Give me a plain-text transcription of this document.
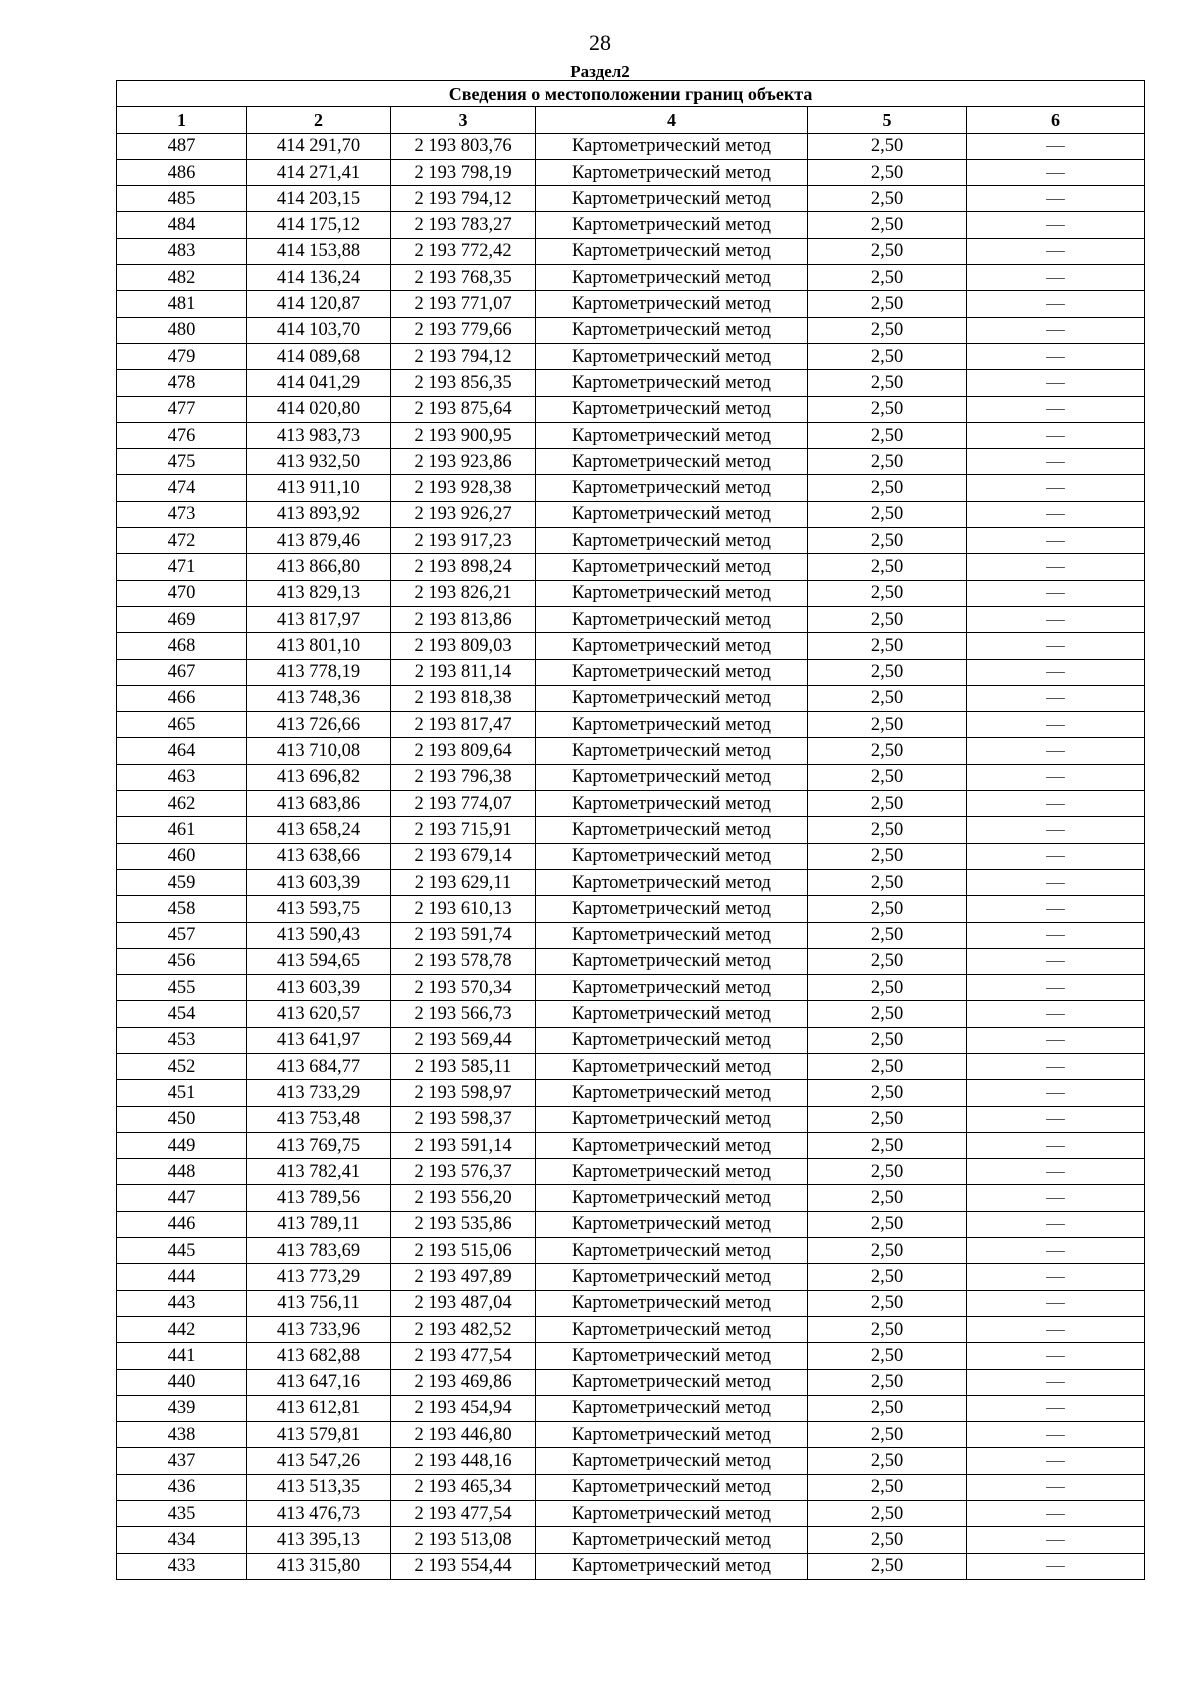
28
Раздел2
Сведения о местоположении границ объекта					
1	2	3	4	5	6
487	414 291,70	2 193 803,76	Картометрический метод	2,50	—
486	414 271,41	2 193 798,19	Картометрический метод	2,50	—
485	414 203,15	2 193 794,12	Картометрический метод	2,50	—
484	414 175,12	2 193 783,27	Картометрический метод	2,50	—
483	414 153,88	2 193 772,42	Картометрический метод	2,50	—
482	414 136,24	2 193 768,35	Картометрический метод	2,50	—
481	414 120,87	2 193 771,07	Картометрический метод	2,50	—
480	414 103,70	2 193 779,66	Картометрический метод	2,50	—
479	414 089,68	2 193 794,12	Картометрический метод	2,50	—
478	414 041,29	2 193 856,35	Картометрический метод	2,50	—
477	414 020,80	2 193 875,64	Картометрический метод	2,50	—
476	413 983,73	2 193 900,95	Картометрический метод	2,50	—
475	413 932,50	2 193 923,86	Картометрический метод	2,50	—
474	413 911,10	2 193 928,38	Картометрический метод	2,50	—
473	413 893,92	2 193 926,27	Картометрический метод	2,50	—
472	413 879,46	2 193 917,23	Картометрический метод	2,50	—
471	413 866,80	2 193 898,24	Картометрический метод	2,50	—
470	413 829,13	2 193 826,21	Картометрический метод	2,50	—
469	413 817,97	2 193 813,86	Картометрический метод	2,50	—
468	413 801,10	2 193 809,03	Картометрический метод	2,50	—
467	413 778,19	2 193 811,14	Картометрический метод	2,50	—
466	413 748,36	2 193 818,38	Картометрический метод	2,50	—
465	413 726,66	2 193 817,47	Картометрический метод	2,50	—
464	413 710,08	2 193 809,64	Картометрический метод	2,50	—
463	413 696,82	2 193 796,38	Картометрический метод	2,50	—
462	413 683,86	2 193 774,07	Картометрический метод	2,50	—
461	413 658,24	2 193 715,91	Картометрический метод	2,50	—
460	413 638,66	2 193 679,14	Картометрический метод	2,50	—
459	413 603,39	2 193 629,11	Картометрический метод	2,50	—
458	413 593,75	2 193 610,13	Картометрический метод	2,50	—
457	413 590,43	2 193 591,74	Картометрический метод	2,50	—
456	413 594,65	2 193 578,78	Картометрический метод	2,50	—
455	413 603,39	2 193 570,34	Картометрический метод	2,50	—
454	413 620,57	2 193 566,73	Картометрический метод	2,50	—
453	413 641,97	2 193 569,44	Картометрический метод	2,50	—
452	413 684,77	2 193 585,11	Картометрический метод	2,50	—
451	413 733,29	2 193 598,97	Картометрический метод	2,50	—
450	413 753,48	2 193 598,37	Картометрический метод	2,50	—
449	413 769,75	2 193 591,14	Картометрический метод	2,50	—
448	413 782,41	2 193 576,37	Картометрический метод	2,50	—
447	413 789,56	2 193 556,20	Картометрический метод	2,50	—
446	413 789,11	2 193 535,86	Картометрический метод	2,50	—
445	413 783,69	2 193 515,06	Картометрический метод	2,50	—
444	413 773,29	2 193 497,89	Картометрический метод	2,50	—
443	413 756,11	2 193 487,04	Картометрический метод	2,50	—
442	413 733,96	2 193 482,52	Картометрический метод	2,50	—
441	413 682,88	2 193 477,54	Картометрический метод	2,50	—
440	413 647,16	2 193 469,86	Картометрический метод	2,50	—
439	413 612,81	2 193 454,94	Картометрический метод	2,50	—
438	413 579,81	2 193 446,80	Картометрический метод	2,50	—
437	413 547,26	2 193 448,16	Картометрический метод	2,50	—
436	413 513,35	2 193 465,34	Картометрический метод	2,50	—
435	413 476,73	2 193 477,54	Картометрический метод	2,50	—
434	413 395,13	2 193 513,08	Картометрический метод	2,50	—
433	413 315,80	2 193 554,44	Картометрический метод	2,50	—
